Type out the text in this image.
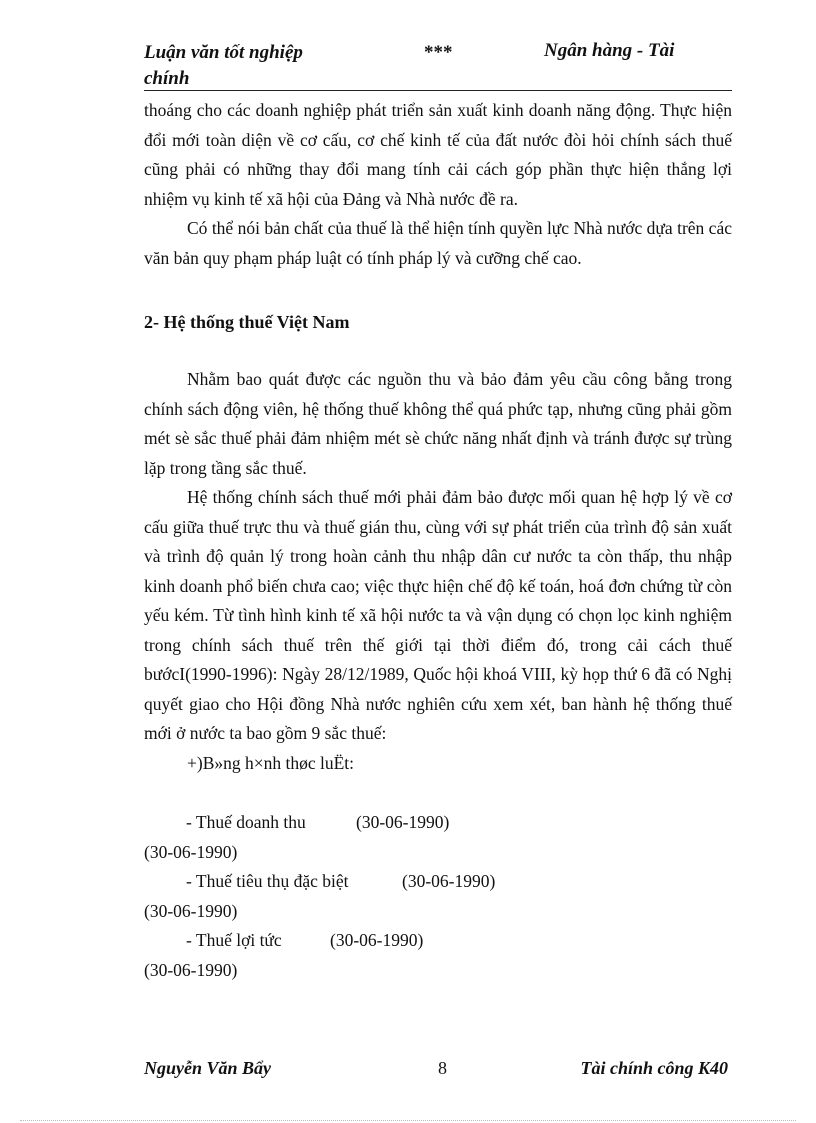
Luận văn tốt nghiệp
chính
***	Ngân hàng - Tài

thoáng cho các doanh nghiệp phát triển sản xuất kinh doanh năng động. Thực hiện đổi mới toàn diện về cơ cấu, cơ chế kinh tế của đất nước đòi hỏi chính sách thuế cũng phải có những thay đổi mang tính cải cách góp phần thực hiện thắng lợi nhiệm vụ kinh tế xã hội của Đảng và Nhà nước đề ra.

Có thể nói bản chất của thuế là thể hiện tính quyền lực Nhà nước dựa trên các văn bản quy phạm pháp luật có tính pháp lý và cưỡng chế cao.

2- Hệ thống thuế Việt Nam

Nhằm bao quát được các nguồn thu và bảo đảm yêu cầu công bằng trong chính sách động viên, hệ thống thuế không thể quá phức tạp, nhưng cũng phải gồm mét sè sắc thuế phải đảm nhiệm mét sè chức năng nhất định và tránh được sự trùng lặp trong tầng sắc thuế.

Hệ thống chính sách thuế mới phải đảm bảo được mối quan hệ hợp lý về cơ cấu giữa thuế trực thu và thuế gián thu, cùng với sự phát triển của trình độ sản xuất và trình độ quản lý trong hoàn cảnh thu nhập dân cư nước ta còn thấp, thu nhập kinh doanh phổ biến chưa cao; việc thực hiện chế độ kế toán, hoá đơn chứng từ còn yếu kém. Từ tình hình kinh tế xã hội nước ta và vận dụng có chọn lọc kinh nghiệm trong chính sách thuế trên thế giới tại thời điểm đó, trong cải cách thuế bướcI(1990-1996): Ngày 28/12/1989, Quốc hội khoá VIII, kỳ họp thứ 6 đã có Nghị quyết giao cho Hội đồng Nhà nước nghiên cứu xem xét, ban hành hệ thống thuế mới ở nước ta bao gồm 9 sắc thuế:

+)B»ng h×nh thøc luËt:

- Thuế doanh thu	(30-06-1990)

(30-06-1990)

- Thuế tiêu thụ đặc biệt	(30-06-1990)

(30-06-1990)

- Thuế lợi tức	(30-06-1990)

(30-06-1990)

Nguyễn Văn Bẩy	8	Tài chính công K40
